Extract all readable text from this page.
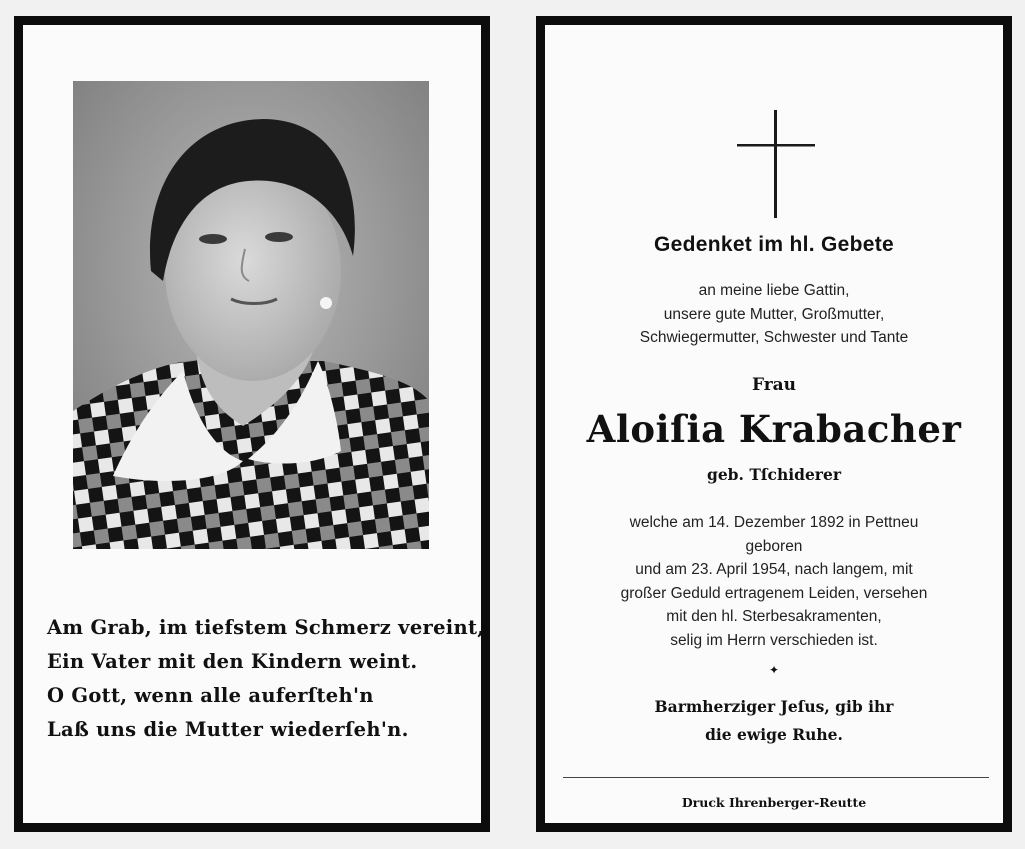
Am Grab, im tiefstem Schmerz vereint,
Ein Vater mit den Kindern weint.
O Gott, wenn alle auferſteh'n
Laß uns die Mutter wiederſeh'n.
Gedenket im hl. Gebete
an meine liebe Gattin,
unsere gute Mutter, Großmutter,
Schwiegermutter, Schwester und Tante
Frau
Aloiſia Krabacher
geb. Tſchiderer
welche am 14. Dezember 1892 in Pettneu
geboren
und am 23. April 1954, nach langem, mit
großer Geduld ertragenem Leiden, versehen
mit den hl. Sterbesakramenten,
selig im Herrn verschieden ist.
✦
Barmherziger Jeſus, gib ihr
die ewige Ruhe.
Druck Ihrenberger-Reutte
